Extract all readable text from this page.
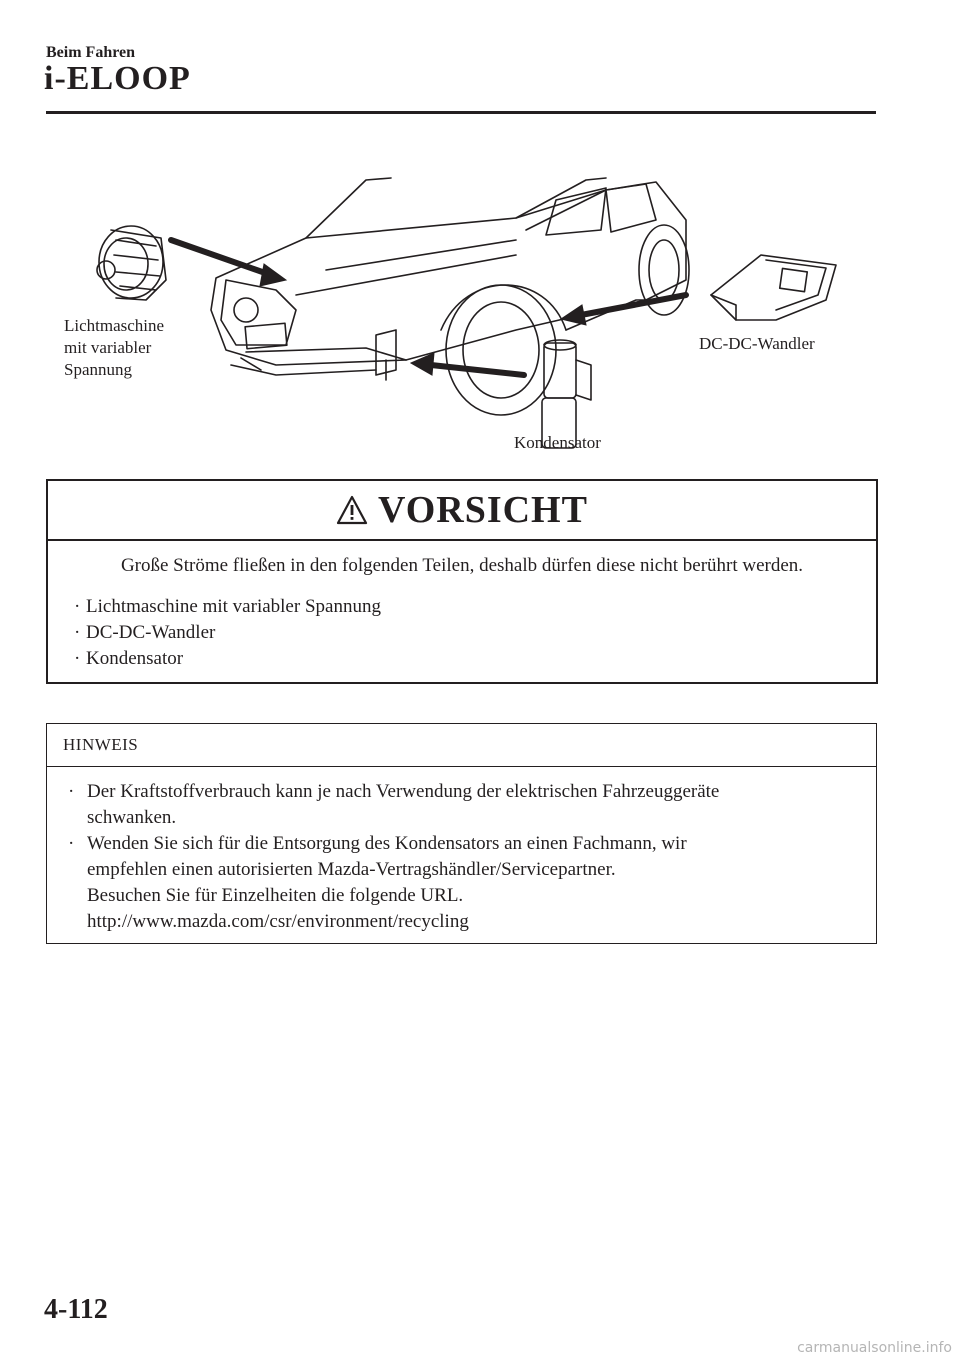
Beim Fahren
i-ELOOP
Lichtmaschine
mit variabler
Spannung
DC-DC-Wandler
Kondensator
VORSICHT
Große Ströme fließen in den folgenden Teilen, deshalb dürfen diese nicht berührt werden.
· Lichtmaschine mit variabler Spannung
· DC-DC-Wandler
· Kondensator
HINWEIS
· Der Kraftstoffverbrauch kann je nach Verwendung der elektrischen Fahrzeuggeräte
schwanken.
· Wenden Sie sich für die Entsorgung des Kondensators an einen Fachmann, wir
empfehlen einen autorisierten Mazda-Vertragshändler/Servicepartner.
Besuchen Sie für Einzelheiten die folgende URL.
http://www.mazda.com/csr/environment/recycling
4-112
carmanualsonline.info
